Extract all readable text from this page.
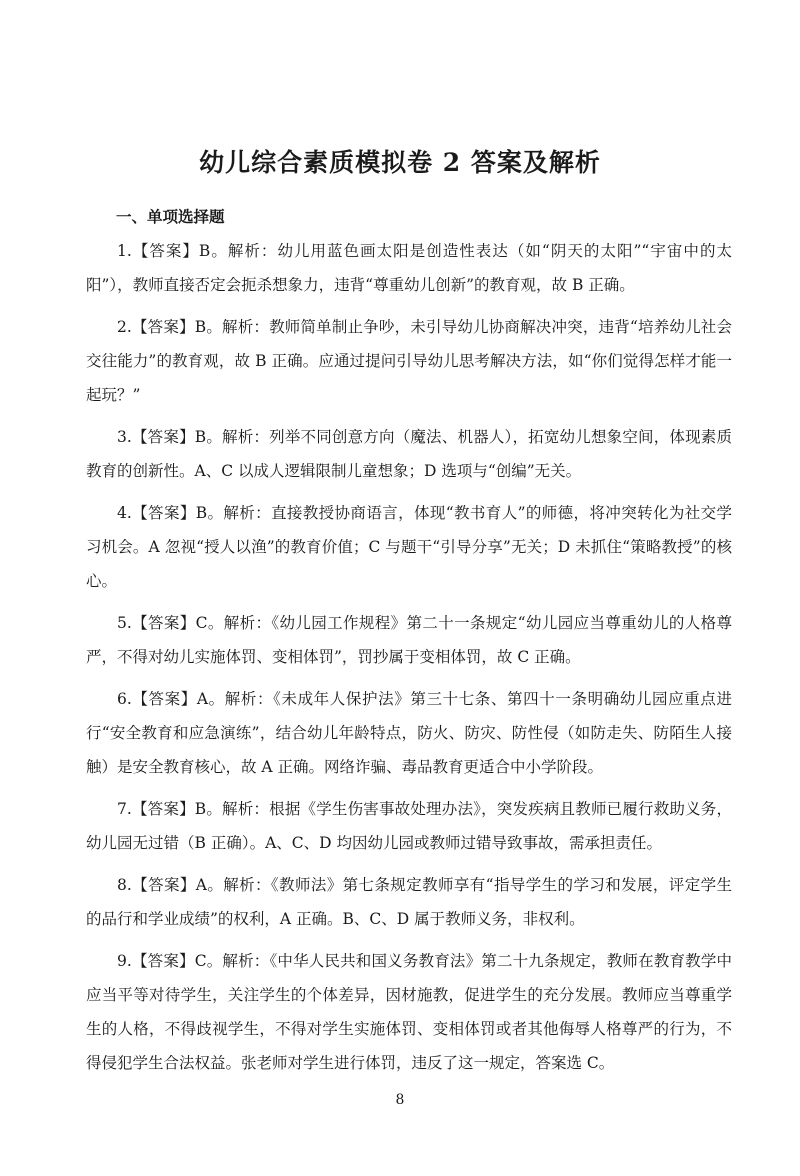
幼儿综合素质模拟卷 2 答案及解析
一、单项选择题
1.【答案】B。解析：幼儿用蓝色画太阳是创造性表达（如“阴天的太阳”“宇宙中的太阳”），教师直接否定会扼杀想象力，违背“尊重幼儿创新”的教育观，故 B 正确。
2.【答案】B。解析：教师简单制止争吵，未引导幼儿协商解决冲突，违背“培养幼儿社会交往能力”的教育观，故 B 正确。应通过提问引导幼儿思考解决方法，如“你们觉得怎样才能一起玩？”
3.【答案】B。解析：列举不同创意方向（魔法、机器人），拓宽幼儿想象空间，体现素质教育的创新性。A、C 以成人逻辑限制儿童想象；D 选项与“创编”无关。
4.【答案】B。解析：直接教授协商语言，体现“教书育人”的师德，将冲突转化为社交学习机会。A 忽视“授人以渔”的教育价值；C 与题干“引导分享”无关；D 未抓住“策略教授”的核心。
5.【答案】C。解析：《幼儿园工作规程》第二十一条规定“幼儿园应当尊重幼儿的人格尊严，不得对幼儿实施体罚、变相体罚”，罚抄属于变相体罚，故 C 正确。
6.【答案】A。解析：《未成年人保护法》第三十七条、第四十一条明确幼儿园应重点进行“安全教育和应急演练”，结合幼儿年龄特点，防火、防灾、防性侵（如防走失、防陌生人接触）是安全教育核心，故 A 正确。网络诈骗、毒品教育更适合中小学阶段。
7.【答案】B。解析：根据《学生伤害事故处理办法》，突发疾病且教师已履行救助义务，幼儿园无过错（B 正确）。A、C、D 均因幼儿园或教师过错导致事故，需承担责任。
8.【答案】A。解析：《教师法》第七条规定教师享有“指导学生的学习和发展，评定学生的品行和学业成绩”的权利，A 正确。B、C、D 属于教师义务，非权利。
9.【答案】C。解析：《中华人民共和国义务教育法》第二十九条规定，教师在教育教学中应当平等对待学生，关注学生的个体差异，因材施教，促进学生的充分发展。教师应当尊重学生的人格，不得歧视学生，不得对学生实施体罚、变相体罚或者其他侮辱人格尊严的行为，不得侵犯学生合法权益。张老师对学生进行体罚，违反了这一规定，答案选 C。
8
